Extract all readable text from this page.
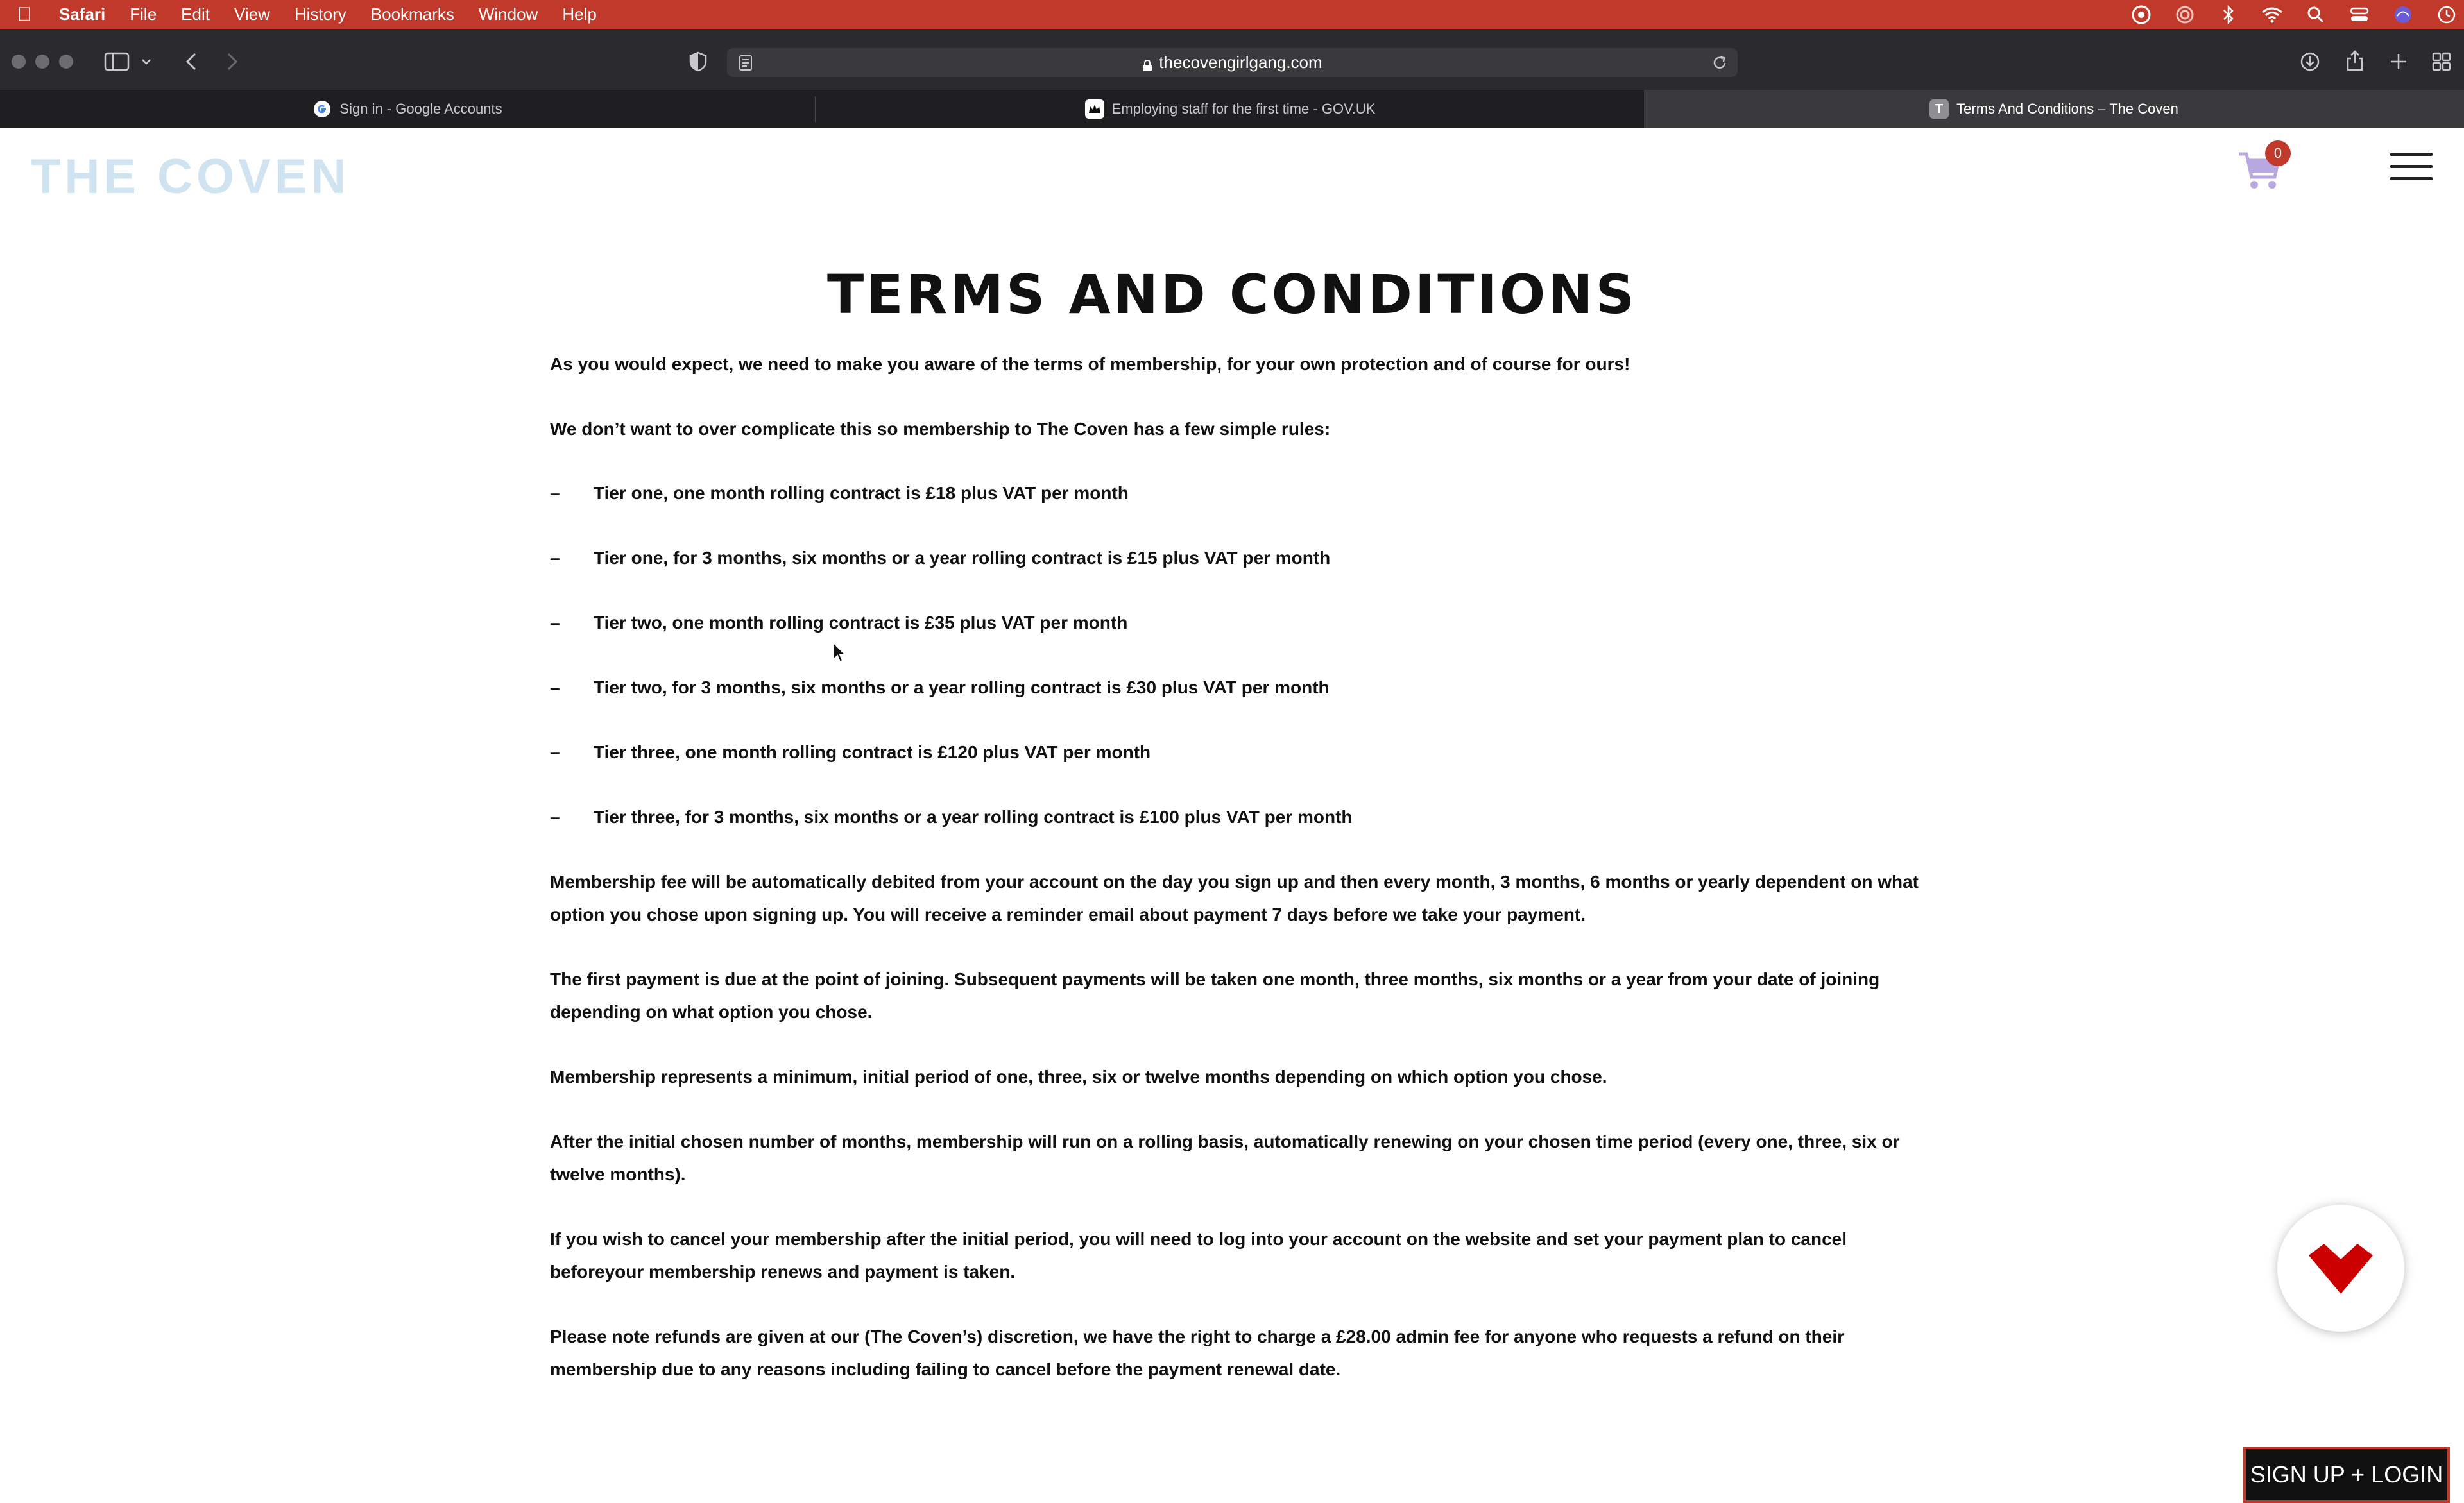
Safari File Edit View History Bookmarks Window Help
thecovengirlgang.com
Sign in - Google Accounts	Employing staff for the first time - GOV.UK	T Terms And Conditions – The Coven
THE COVEN	0
TERMS AND CONDITIONS

As you would expect, we need to make you aware of the terms of membership, for your own protection and of course for ours!

We don’t want to over complicate this so membership to The Coven has a few simple rules:

– Tier one, one month rolling contract is £18 plus VAT per month
– Tier one, for 3 months, six months or a year rolling contract is £15 plus VAT per month
– Tier two, one month rolling contract is £35 plus VAT per month
– Tier two, for 3 months, six months or a year rolling contract is £30 plus VAT per month
– Tier three, one month rolling contract is £120 plus VAT per month
– Tier three, for 3 months, six months or a year rolling contract is £100 plus VAT per month

Membership fee will be automatically debited from your account on the day you sign up and then every month, 3 months, 6 months or yearly dependent on what option you chose upon signing up. You will receive a reminder email about payment 7 days before we take your payment.

The first payment is due at the point of joining. Subsequent payments will be taken one month, three months, six months or a year from your date of joining depending on what option you chose.

Membership represents a minimum, initial period of one, three, six or twelve months depending on which option you chose.

After the initial chosen number of months, membership will run on a rolling basis, automatically renewing on your chosen time period (every one, three, six or twelve months).

If you wish to cancel your membership after the initial period, you will need to log into your account on the website and set your payment plan to cancel beforeyour membership renews and payment is taken.

Please note refunds are given at our (The Coven’s) discretion, we have the right to charge a £28.00 admin fee for anyone who requests a refund on their membership due to any reasons including failing to cancel before the payment renewal date.

SIGN UP + LOGIN
